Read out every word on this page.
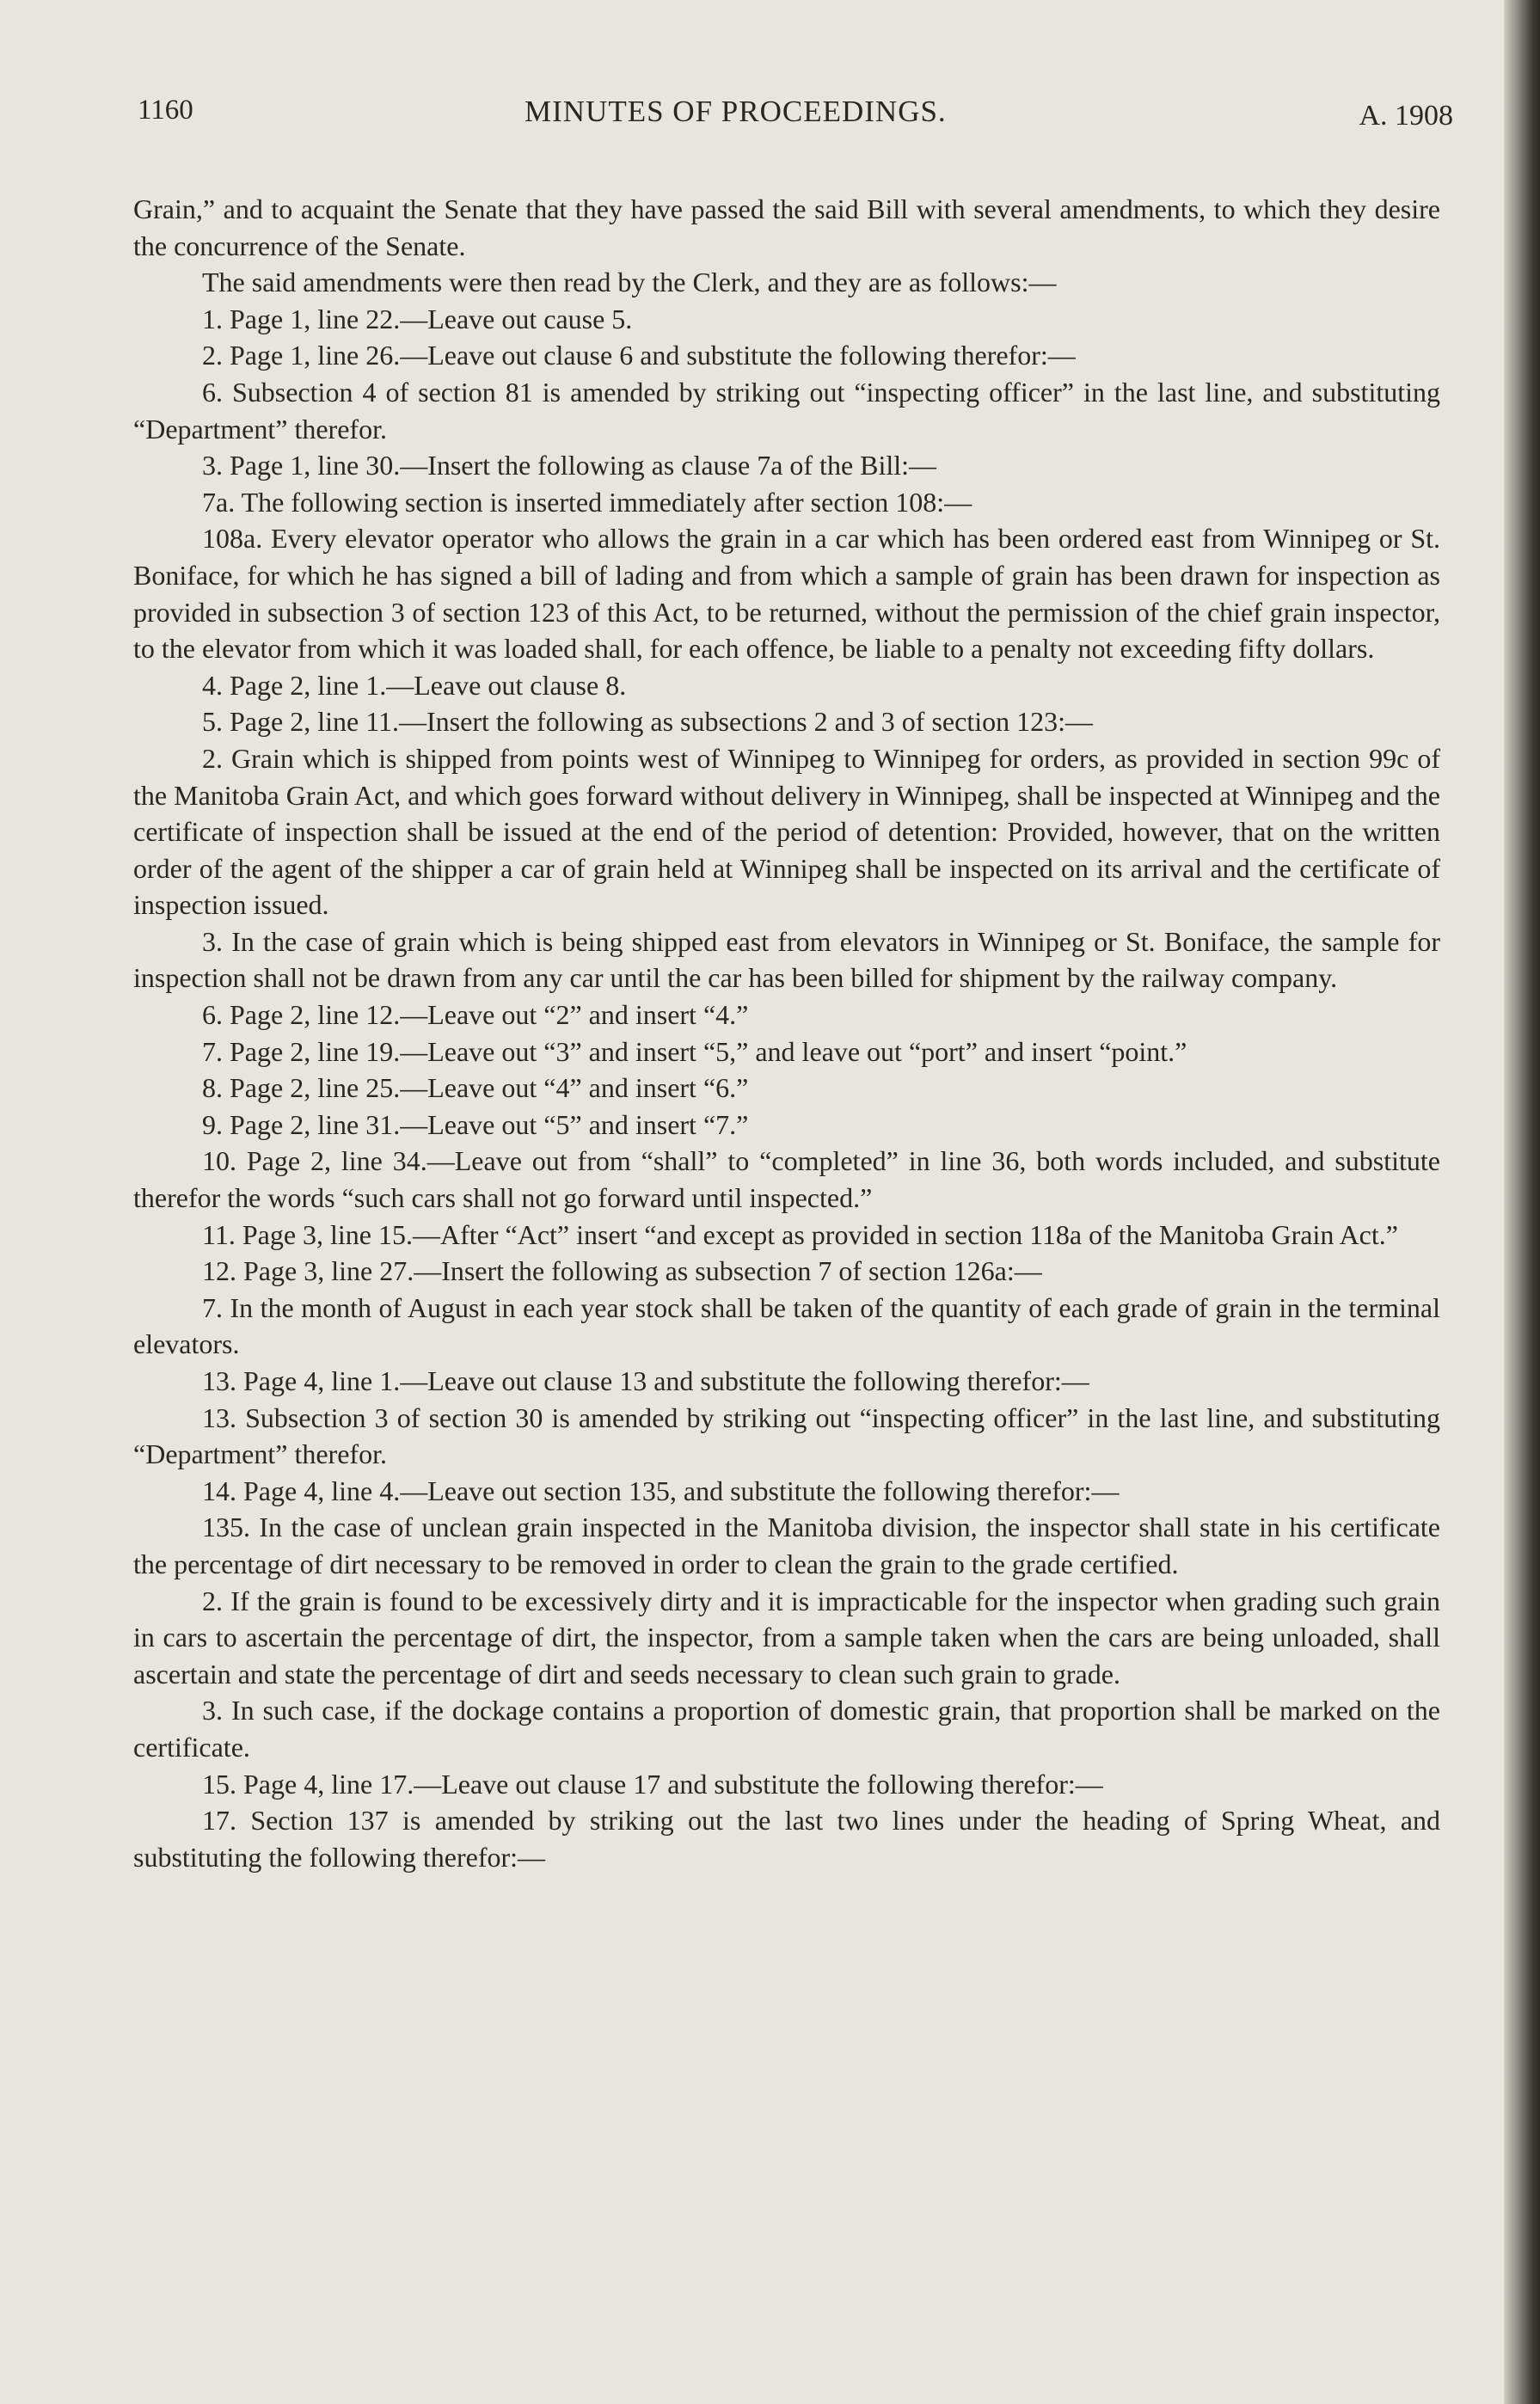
1160	MINUTES OF PROCEEDINGS.	A. 1908

Grain,” and to acquaint the Senate that they have passed the said Bill with several amendments, to which they desire the concurrence of the Senate.

The said amendments were then read by the Clerk, and they are as follows:—

1. Page 1, line 22.—Leave out cause 5.

2. Page 1, line 26.—Leave out clause 6 and substitute the following therefor:—

6. Subsection 4 of section 81 is amended by striking out “inspecting officer” in the last line, and substituting “Department” therefor.

3. Page 1, line 30.—Insert the following as clause 7a of the Bill:—

7a. The following section is inserted immediately after section 108:—

108a. Every elevator operator who allows the grain in a car which has been ordered east from Winnipeg or St. Boniface, for which he has signed a bill of lading and from which a sample of grain has been drawn for inspection as provided in subsection 3 of section 123 of this Act, to be returned, without the permission of the chief grain inspector, to the elevator from which it was loaded shall, for each offence, be liable to a penalty not exceeding fifty dollars.

4. Page 2, line 1.—Leave out clause 8.

5. Page 2, line 11.—Insert the following as subsections 2 and 3 of section 123:—

2. Grain which is shipped from points west of Winnipeg to Winnipeg for orders, as provided in section 99c of the Manitoba Grain Act, and which goes forward without delivery in Winnipeg, shall be inspected at Winnipeg and the certificate of inspection shall be issued at the end of the period of detention: Provided, however, that on the written order of the agent of the shipper a car of grain held at Winnipeg shall be inspected on its arrival and the certificate of inspection issued.

3. In the case of grain which is being shipped east from elevators in Winnipeg or St. Boniface, the sample for inspection shall not be drawn from any car until the car has been billed for shipment by the railway company.

6. Page 2, line 12.—Leave out “2” and insert “4.”

7. Page 2, line 19.—Leave out “3” and insert “5,” and leave out “port” and insert “point.”

8. Page 2, line 25.—Leave out “4” and insert “6.”

9. Page 2, line 31.—Leave out “5” and insert “7.”

10. Page 2, line 34.—Leave out from “shall” to “completed” in line 36, both words included, and substitute therefor the words “such cars shall not go forward until inspected.”

11. Page 3, line 15.—After “Act” insert “and except as provided in section 118a of the Manitoba Grain Act.”

12. Page 3, line 27.—Insert the following as subsection 7 of section 126a:—

7. In the month of August in each year stock shall be taken of the quantity of each grade of grain in the terminal elevators.

13. Page 4, line 1.—Leave out clause 13 and substitute the following therefor:—

13. Subsection 3 of section 30 is amended by striking out “inspecting officer” in the last line, and substituting “Department” therefor.

14. Page 4, line 4.—Leave out section 135, and substitute the following therefor:—

135. In the case of unclean grain inspected in the Manitoba division, the inspector shall state in his certificate the percentage of dirt necessary to be removed in order to clean the grain to the grade certified.

2. If the grain is found to be excessively dirty and it is impracticable for the inspector when grading such grain in cars to ascertain the percentage of dirt, the inspector, from a sample taken when the cars are being unloaded, shall ascertain and state the percentage of dirt and seeds necessary to clean such grain to grade.

3. In such case, if the dockage contains a proportion of domestic grain, that proportion shall be marked on the certificate.

15. Page 4, line 17.—Leave out clause 17 and substitute the following therefor:—

17. Section 137 is amended by striking out the last two lines under the heading of Spring Wheat, and substituting the following therefor:—
